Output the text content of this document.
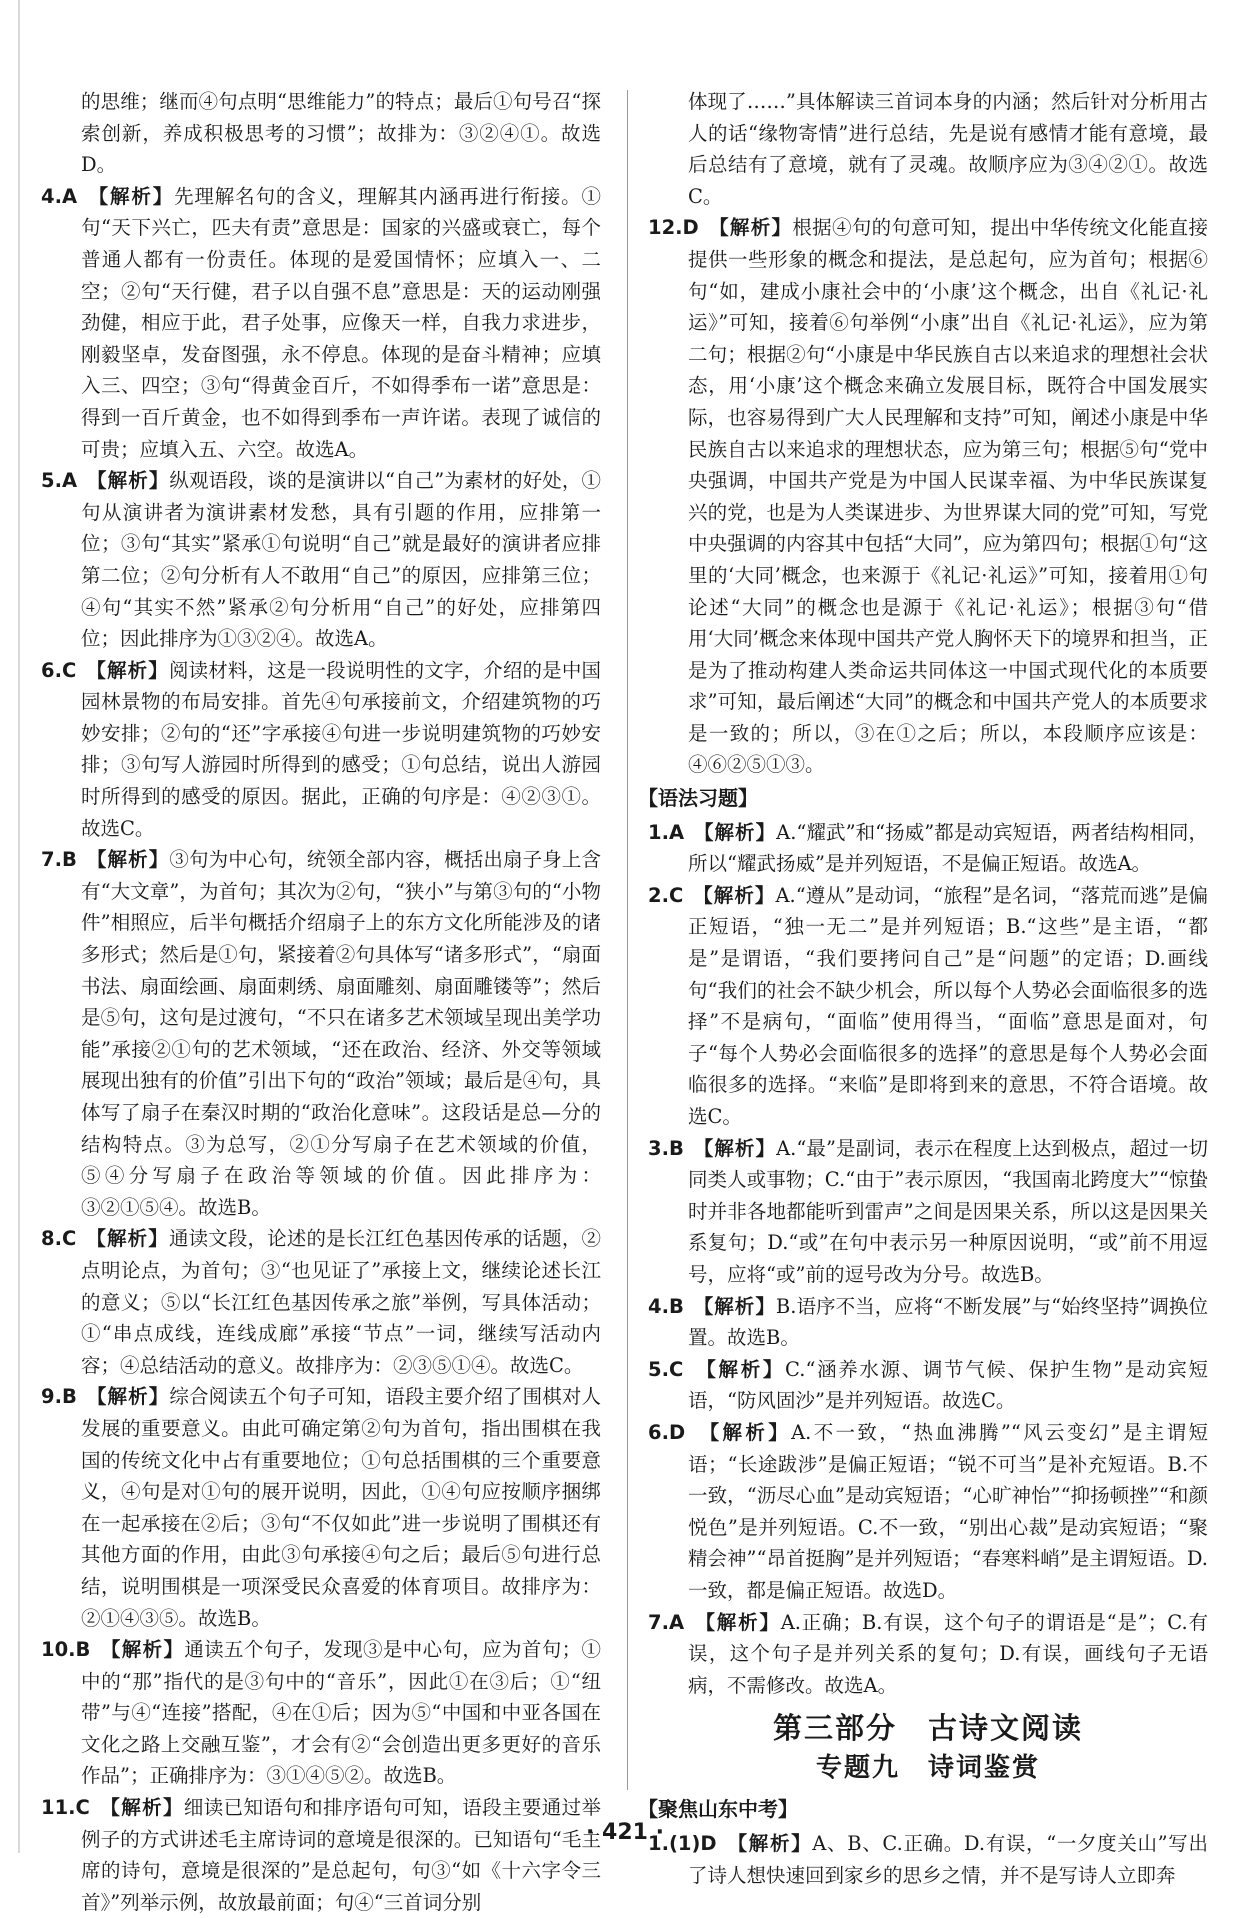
的思维；继而④句点明“思维能力”的特点；最后①句号召“探索创新，养成积极思考的习惯”；故排为：③②④①。故选D。

4.A　 【解析】先理解名句的含义，理解其内涵再进行衔接。①句“天下兴亡，匹夫有责”意思是：国家的兴盛或衰亡，每个普通人都有一份责任。体现的是爱国情怀；应填入一、二空；②句“天行健，君子以自强不息”意思是：天的运动刚强劲健，相应于此，君子处事，应像天一样，自我力求进步，刚毅坚卓，发奋图强，永不停息。体现的是奋斗精神；应填入三、四空；③句“得黄金百斤，不如得季布一诺”意思是：得到一百斤黄金，也不如得到季布一声许诺。表现了诚信的可贵；应填入五、六空。故选A。

5.A　 【解析】纵观语段，谈的是演讲以“自己”为素材的好处，①句从演讲者为演讲素材发愁，具有引题的作用，应排第一位；③句“其实”紧承①句说明“自己”就是最好的演讲者应排第二位；②句分析有人不敢用“自己”的原因，应排第三位；④句“其实不然”紧承②句分析用“自己”的好处，应排第四位；因此排序为①③②④。故选A。

6.C　 【解析】阅读材料，这是一段说明性的文字，介绍的是中国园林景物的布局安排。首先④句承接前文，介绍建筑物的巧妙安排；②句的“还”字承接④句进一步说明建筑物的巧妙安排；③句写人游园时所得到的感受；①句总结，说出人游园时所得到的感受的原因。据此，正确的句序是：④②③①。故选C。

7.B　 【解析】③句为中心句，统领全部内容，概括出扇子身上含有“大文章”，为首句；其次为②句，“狭小”与第③句的“小物件”相照应，后半句概括介绍扇子上的东方文化所能涉及的诸多形式；然后是①句，紧接着②句具体写“诸多形式”，“扇面书法、扇面绘画、扇面刺绣、扇面雕刻、扇面雕镂等”；然后是⑤句，这句是过渡句，“不只在诸多艺术领域呈现出美学功能”承接②①句的艺术领域，“还在政治、经济、外交等领域展现出独有的价值”引出下句的“政治”领域；最后是④句，具体写了扇子在秦汉时期的“政治化意味”。这段话是总—分的结构特点。③为总写，②①分写扇子在艺术领域的价值，⑤④分写扇子在政治等领域的价值。因此排序为：③②①⑤④。故选B。

8.C　 【解析】通读文段，论述的是长江红色基因传承的话题，②点明论点，为首句；③“也见证了”承接上文，继续论述长江的意义；⑤以“长江红色基因传承之旅”举例，写具体活动；①“串点成线，连线成廊”承接“节点”一词，继续写活动内容；④总结活动的意义。故排序为：②③⑤①④。故选C。

9.B　 【解析】综合阅读五个句子可知，语段主要介绍了围棋对人发展的重要意义。由此可确定第②句为首句，指出围棋在我国的传统文化中占有重要地位；①句总括围棋的三个重要意义，④句是对①句的展开说明，因此，①④句应按顺序捆绑在一起承接在②后；③句“不仅如此”进一步说明了围棋还有其他方面的作用，由此③句承接④句之后；最后⑤句进行总结，说明围棋是一项深受民众喜爱的体育项目。故排序为：②①④③⑤。故选B。

10.B　 【解析】通读五个句子，发现③是中心句，应为首句；①中的“那”指代的是③句中的“音乐”，因此①在③后；①“纽带”与④“连接”搭配，④在①后；因为⑤“中国和中亚各国在文化之路上交融互鉴”，才会有②“会创造出更多更好的音乐作品”；正确排序为：③①④⑤②。故选B。

11.C　 【解析】细读已知语句和排序语句可知，语段主要通过举例子的方式讲述毛主席诗词的意境是很深的。已知语句“毛主席的诗句，意境是很深的”是总起句，句③“如《十六字令三首》”列举示例，故放最前面；句④“三首词分别

体现了……”具体解读三首词本身的内涵；然后针对分析用古人的话“缘物寄情”进行总结，先是说有感情才能有意境，最后总结有了意境，就有了灵魂。故顺序应为③④②①。故选C。

12.D　 【解析】根据④句的句意可知，提出中华传统文化能直接提供一些形象的概念和提法，是总起句，应为首句；根据⑥句“如，建成小康社会中的‘小康’这个概念，出自《礼记·礼运》”可知，接着⑥句举例“小康”出自《礼记·礼运》，应为第二句；根据②句“小康是中华民族自古以来追求的理想社会状态，用‘小康’这个概念来确立发展目标，既符合中国发展实际，也容易得到广大人民理解和支持”可知，阐述小康是中华民族自古以来追求的理想状态，应为第三句；根据⑤句“党中央强调，中国共产党是为中国人民谋幸福、为中华民族谋复兴的党，也是为人类谋进步、为世界谋大同的党”可知，写党中央强调的内容其中包括“大同”，应为第四句；根据①句“这里的‘大同’概念，也来源于《礼记·礼运》”可知，接着用①句论述“大同”的概念也是源于《礼记·礼运》；根据③句“借用‘大同’概念来体现中国共产党人胸怀天下的境界和担当，正是为了推动构建人类命运共同体这一中国式现代化的本质要求”可知，最后阐述“大同”的概念和中国共产党人的本质要求是一致的；所以，③在①之后；所以，本段顺序应该是：④⑥②⑤①③。

【语法习题】

1.A　 【解析】A.“耀武”和“扬威”都是动宾短语，两者结构相同，所以“耀武扬威”是并列短语，不是偏正短语。故选A。

2.C　 【解析】A.“遵从”是动词，“旅程”是名词，“落荒而逃”是偏正短语，“独一无二”是并列短语；B.“这些”是主语，“都是”是谓语，“我们要拷问自己”是“问题”的定语；D.画线句“我们的社会不缺少机会，所以每个人势必会面临很多的选择”不是病句，“面临”使用得当，“面临”意思是面对，句子“每个人势必会面临很多的选择”的意思是每个人势必会面临很多的选择。“来临”是即将到来的意思，不符合语境。故选C。

3.B　 【解析】A.“最”是副词，表示在程度上达到极点，超过一切同类人或事物；C.“由于”表示原因，“我国南北跨度大”“惊蛰时并非各地都能听到雷声”之间是因果关系，所以这是因果关系复句；D.“或”在句中表示另一种原因说明，“或”前不用逗号，应将“或”前的逗号改为分号。故选B。

4.B　 【解析】B.语序不当，应将“不断发展”与“始终坚持”调换位置。故选B。

5.C　 【解析】C.“涵养水源、调节气候、保护生物”是动宾短语，“防风固沙”是并列短语。故选C。

6.D　 【解析】A.不一致，“热血沸腾”“风云变幻”是主谓短语；“长途跋涉”是偏正短语；“锐不可当”是补充短语。B.不一致，“沥尽心血”是动宾短语；“心旷神怡”“抑扬顿挫”“和颜悦色”是并列短语。C.不一致，“别出心裁”是动宾短语；“聚精会神”“昂首挺胸”是并列短语；“春寒料峭”是主谓短语。D.一致，都是偏正短语。故选D。

7.A　 【解析】A.正确；B.有误，这个句子的谓语是“是”；C.有误，这个句子是并列关系的复句；D.有误，画线句子无语病，不需修改。故选A。

第三部分　古诗文阅读
专题九　诗词鉴赏
【聚焦山东中考】

1.(1)D　 【解析】A、B、C.正确。D.有误，“一夕度关山”写出了诗人想快速回到家乡的思乡之情，并不是写诗人立即奔

· 421 ·
